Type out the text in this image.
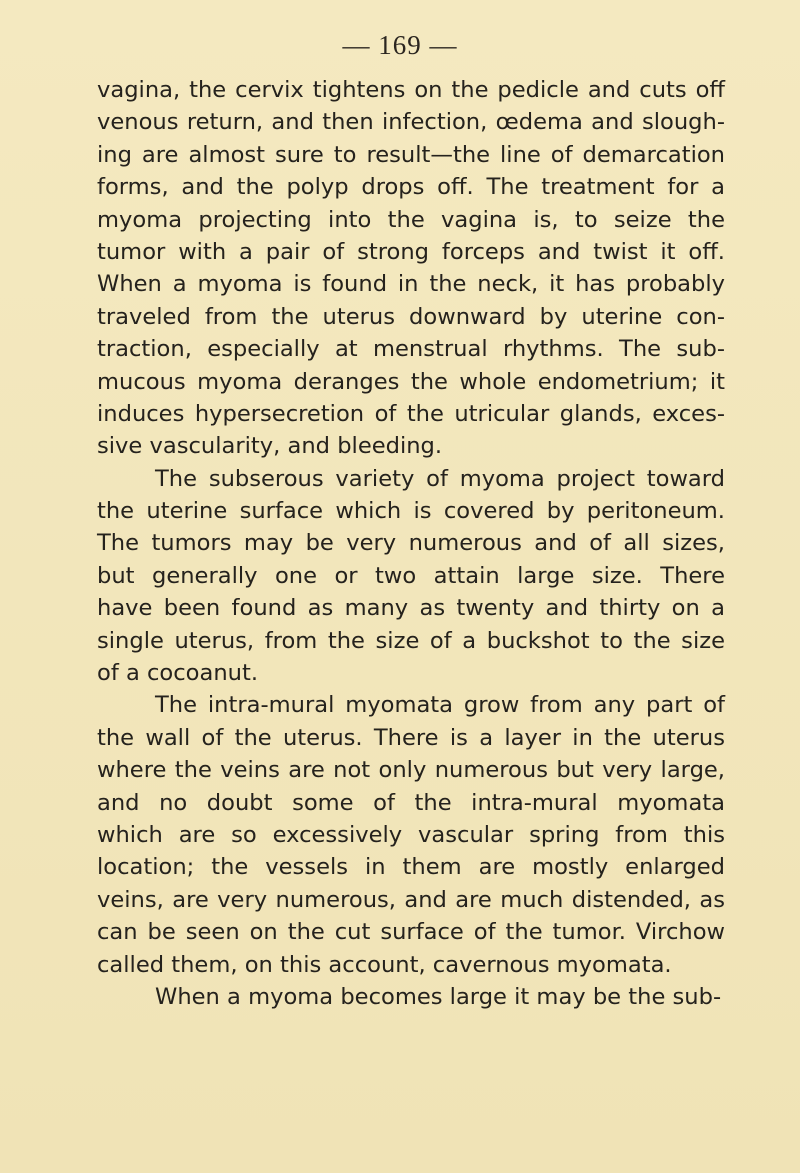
— 169 —
vagina, the cervix tightens on the pedicle and cuts off
venous return, and then infection, œdema and slough-
ing are almost sure to result—the line of demarcation
forms, and the polyp drops off. The treatment for a
myoma projecting into the vagina is, to seize the
tumor with a pair of strong forceps and twist it off.
When a myoma is found in the neck, it has probably
traveled from the uterus downward by uterine con-
traction, especially at menstrual rhythms. The sub-
mucous myoma deranges the whole endometrium; it
induces hypersecretion of the utricular glands, exces-
sive vascularity, and bleeding.
The subserous variety of myoma project toward
the uterine surface which is covered by peritoneum.
The tumors may be very numerous and of all sizes,
but generally one or two attain large size. There
have been found as many as twenty and thirty on a
single uterus, from the size of a buckshot to the size
of a cocoanut.
The intra-mural myomata grow from any part of
the wall of the uterus. There is a layer in the uterus
where the veins are not only numerous but very large,
and no doubt some of the intra-mural myomata
which are so excessively vascular spring from this
location; the vessels in them are mostly enlarged
veins, are very numerous, and are much distended, as
can be seen on the cut surface of the tumor. Virchow
called them, on this account, cavernous myomata.
When a myoma becomes large it may be the sub-
